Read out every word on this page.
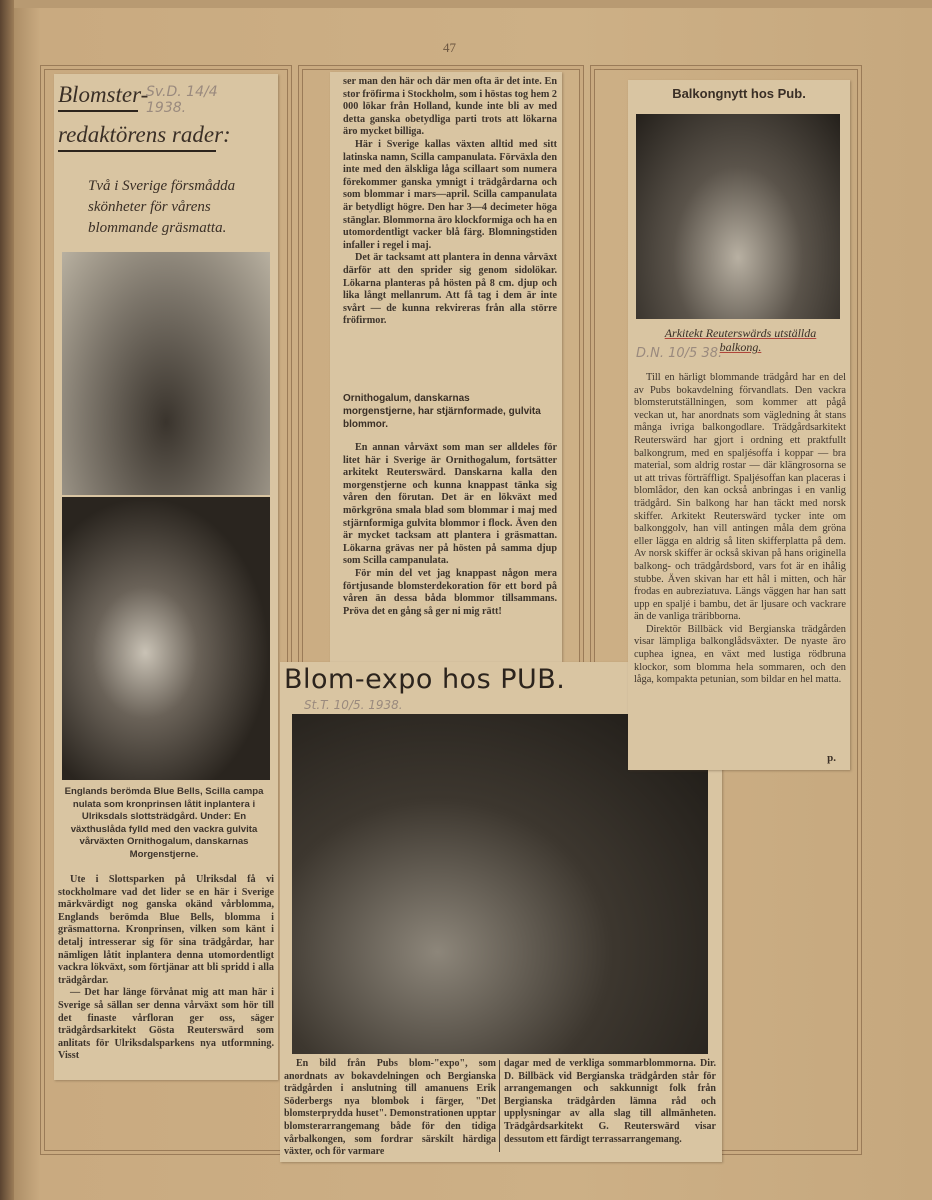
47
Blomster-
redaktörens rader:
Sv.D. 14/4 1938.
Två i Sverige försmådda skönheter för vårens blommande gräsmatta.
Englands berömda Blue Bells, Scilla campa nulata som kronprinsen låtit inplantera i Ulriksdals slottsträdgård. Under: En växthuslåda fylld med den vackra gulvita vårväxten Ornithogalum, danskarnas Morgenstjerne.

Ute i Slottsparken på Ulriksdal få vi stockholmare vad det lider se en här i Sverige märkvärdigt nog ganska okänd vårblomma, Englands berömda Blue Bells, blomma i gräsmattorna. Kronprinsen, vilken som känt i detalj intresserar sig för sina trädgårdar, har nämligen låtit inplantera denna utomordentligt vackra lökväxt, som förtjänar att bli spridd i alla trädgårdar.

— Det har länge förvånat mig att man här i Sverige så sällan ser denna vårväxt som hör till det finaste vårfloran ger oss, säger trädgårdsarkitekt Gösta Reuterswärd som anlitats för Ulriksdalsparkens nya utformning. Visst

ser man den här och där men ofta är det inte. En stor fröfirma i Stockholm, som i höstas tog hem 2 000 lökar från Holland, kunde inte bli av med detta ganska obetydliga parti trots att lökarna äro mycket billiga.

Här i Sverige kallas växten alltid med sitt latinska namn, Scilla campanulata. Förväxla den inte med den älskliga låga scillaart som numera förekommer ganska ymnigt i trädgårdarna och som blommar i mars—april. Scilla campanulata är betydligt högre. Den har 3—4 decimeter höga stänglar. Blommorna äro klockformiga och ha en utomordentligt vacker blå färg. Blomningstiden infaller i regel i maj.

Det är tacksamt att plantera in denna vårväxt därför att den sprider sig genom sidolökar. Lökarna planteras på hösten på 8 cm. djup och lika långt mellanrum. Att få tag i dem är inte svårt — de kunna rekvireras från alla större fröfirmor.

Ornithogalum, danskarnas morgenstjerne, har stjärnformade, gulvita blommor.

En annan vårväxt som man ser alldeles för litet här i Sverige är Ornithogalum, fortsätter arkitekt Reuterswärd. Danskarna kalla den morgenstjerne och kunna knappast tänka sig våren den förutan. Det är en lökväxt med mörkgröna smala blad som blommar i maj med stjärnformiga gulvita blommor i flock. Även den är mycket tacksam att plantera i gräsmattan. Lökarna grävas ner på hösten på samma djup som Scilla campanulata.

För min del vet jag knappast någon mera förtjusande blomsterdekoration för ett bord på våren än dessa båda blommor tillsammans. Pröva det en gång så ger ni mig rätt!

Blom-expo hos PUB.
St.T. 10/5. 1938.

En bild från Pubs blom-"expo", som anordnats av bokavdelningen och Bergianska trädgården i anslutning till amanuens Erik Söderbergs nya blombok i färger, "Det blomsterprydda huset". Demonstrationen upptar blomsterarrangemang både för den tidiga vårbalkongen, som fordrar särskilt härdiga växter, och för varmare

dagar med de verkliga sommarblommorna. Dir. D. Billbäck vid Bergianska trädgården står för arrangemangen och sakkunnigt folk från Bergianska trädgården lämna råd och upplysningar av alla slag till allmänheten. Trädgårdsarkitekt G. Reuterswärd visar dessutom ett färdigt terrassarrangemang.
Balkongnytt hos Pub.
Arkitekt Reuterswärds utställda balkong.
D.N. 10/5 38.

Till en härligt blommande trädgård har en del av Pubs bokavdelning förvandlats. Den vackra blomsterutställningen, som kommer att pågå veckan ut, har anordnats som vägledning åt stans många ivriga balkongodlare. Trädgårdsarkitekt Reuterswärd har gjort i ordning ett praktfullt balkongrum, med en spaljésoffa i koppar — bra material, som aldrig rostar — där klängrosorna se ut att trivas förträffligt. Spaljésoffan kan placeras i blomlådor, den kan också anbringas i en vanlig trädgård. Sin balkong har han täckt med norsk skiffer. Arkitekt Reuterswärd tycker inte om balkonggolv, han vill antingen måla dem gröna eller lägga en aldrig så liten skifferplatta på dem. Av norsk skiffer är också skivan på hans originella balkong- och trädgårdsbord, vars fot är en ihålig stubbe. Även skivan har ett hål i mitten, och här frodas en aubreziatuva. Längs väggen har han satt upp en spaljé i bambu, det är ljusare och vackrare än de vanliga träribborna.

Direktör Billbäck vid Bergianska trädgården visar lämpliga balkonglådsväxter. De nyaste äro cuphea ignea, en växt med lustiga rödbruna klockor, som blomma hela sommaren, och den låga, kompakta petunian, som bildar en hel matta.

p.
